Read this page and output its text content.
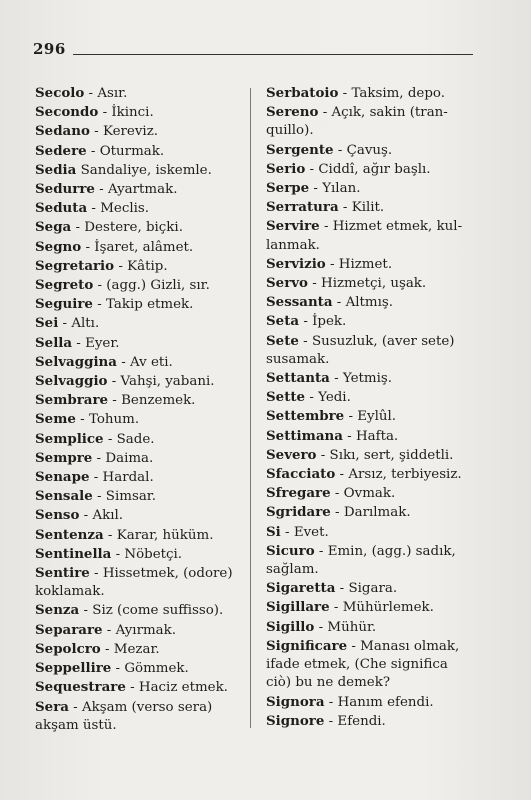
296
Secolo - Asır.
Secondo - İkinci.
Sedano - Kereviz.
Sedere - Oturmak.
Sedia Sandaliye, iskemle.
Sedurre - Ayartmak.
Seduta - Meclis.
Sega - Destere, biçki.
Segno - İşaret, alâmet.
Segretario - Kâtip.
Segreto - (agg.) Gizli, sır.
Seguire - Takip etmek.
Sei - Altı.
Sella - Eyer.
Selvaggina - Av eti.
Selvaggio - Vahşi, yabani.
Sembrare - Benzemek.
Seme - Tohum.
Semplice - Sade.
Sempre - Daima.
Senape - Hardal.
Sensale - Simsar.
Senso - Akıl.
Sentenza - Karar, hüküm.
Sentinella - Nöbetçi.
Sentire - Hissetmek, (odore)
koklamak.
Senza - Siz (come suffisso).
Separare - Ayırmak.
Sepolcro - Mezar.
Seppellire - Gömmek.
Sequestrare - Haciz etmek.
Sera - Akşam (verso sera)
akşam üstü.
Serbatoio - Taksim, depo.
Sereno - Açık, sakin (tran-
quillo).
Sergente - Çavuş.
Serio - Ciddî, ağır başlı.
Serpe - Yılan.
Serratura - Kilit.
Servire - Hizmet etmek, kul-
lanmak.
Servizio - Hizmet.
Servo - Hizmetçi, uşak.
Sessanta - Altmış.
Seta - İpek.
Sete - Susuzluk, (aver sete)
susamak.
Settanta - Yetmiş.
Sette - Yedi.
Settembre - Eylûl.
Settimana - Hafta.
Severo - Sıkı, sert, şiddetli.
Sfacciato - Arsız, terbiyesiz.
Sfregare - Ovmak.
Sgridare - Darılmak.
Si - Evet.
Sicuro - Emin, (agg.) sadık,
sağlam.
Sigaretta - Sigara.
Sigillare - Mühürlemek.
Sigillo - Mühür.
Significare - Manası olmak,
ifade etmek, (Che significa
ciò) bu ne demek?
Signora - Hanım efendi.
Signore - Efendi.
